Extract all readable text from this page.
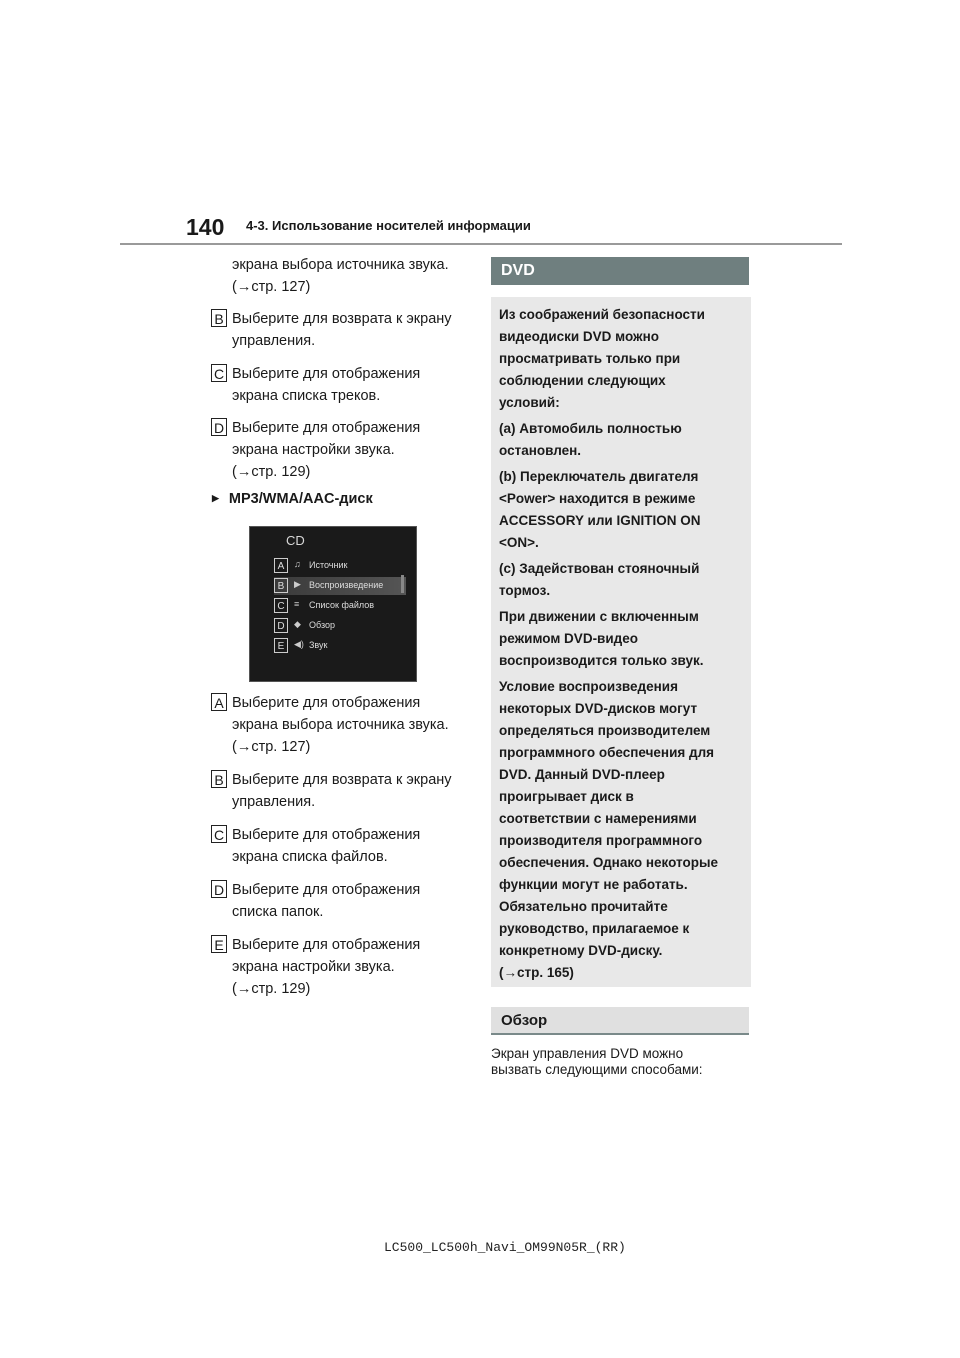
140 4-3. Использование носителей информации
экрана выбора источника звука.
(→стр. 127)
B Выберите для возврата к экрану
управления.
C Выберите для отображения
экрана списка треков.
D Выберите для отображения
экрана настройки звука.
(→стр. 129)
▶ MP3/WMA/AAC-диск
CD
A	♫ Источник
B	▶ Воспроизведение
C	≡ Список файлов
D	◆ Обзор
E	◀) Звук
A Выберите для отображения
экрана выбора источника звука.
(→стр. 127)
B Выберите для возврата к экрану
управления.
C Выберите для отображения
экрана списка файлов.
D Выберите для отображения
списка папок.
E Выберите для отображения
экрана настройки звука.
(→стр. 129)
DVD
Из соображений безопасности
видеодиски DVD можно
просматривать только при
соблюдении следующих
условий:
(a) Автомобиль полностью
остановлен.
(b) Переключатель двигателя
<Power> находится в режиме
ACCESSORY или IGNITION ON
<ON>.
(c) Задействован стояночный
тормоз.
При движении с включенным
режимом DVD-видео
воспроизводится только звук.
Условие воспроизведения
некоторых DVD-дисков могут
определяться производителем
программного обеспечения для
DVD. Данный DVD-плеер
проигрывает диск в
соответствии с намерениями
производителя программного
обеспечения. Однако некоторые
функции могут не работать.
Обязательно прочитайте
руководство, прилагаемое к
конкретному DVD-диску.
(→стр. 165)
Обзор
Экран управления DVD можно
вызвать следующими способами:
LC500_LC500h_Navi_OM99N05R_(RR)
